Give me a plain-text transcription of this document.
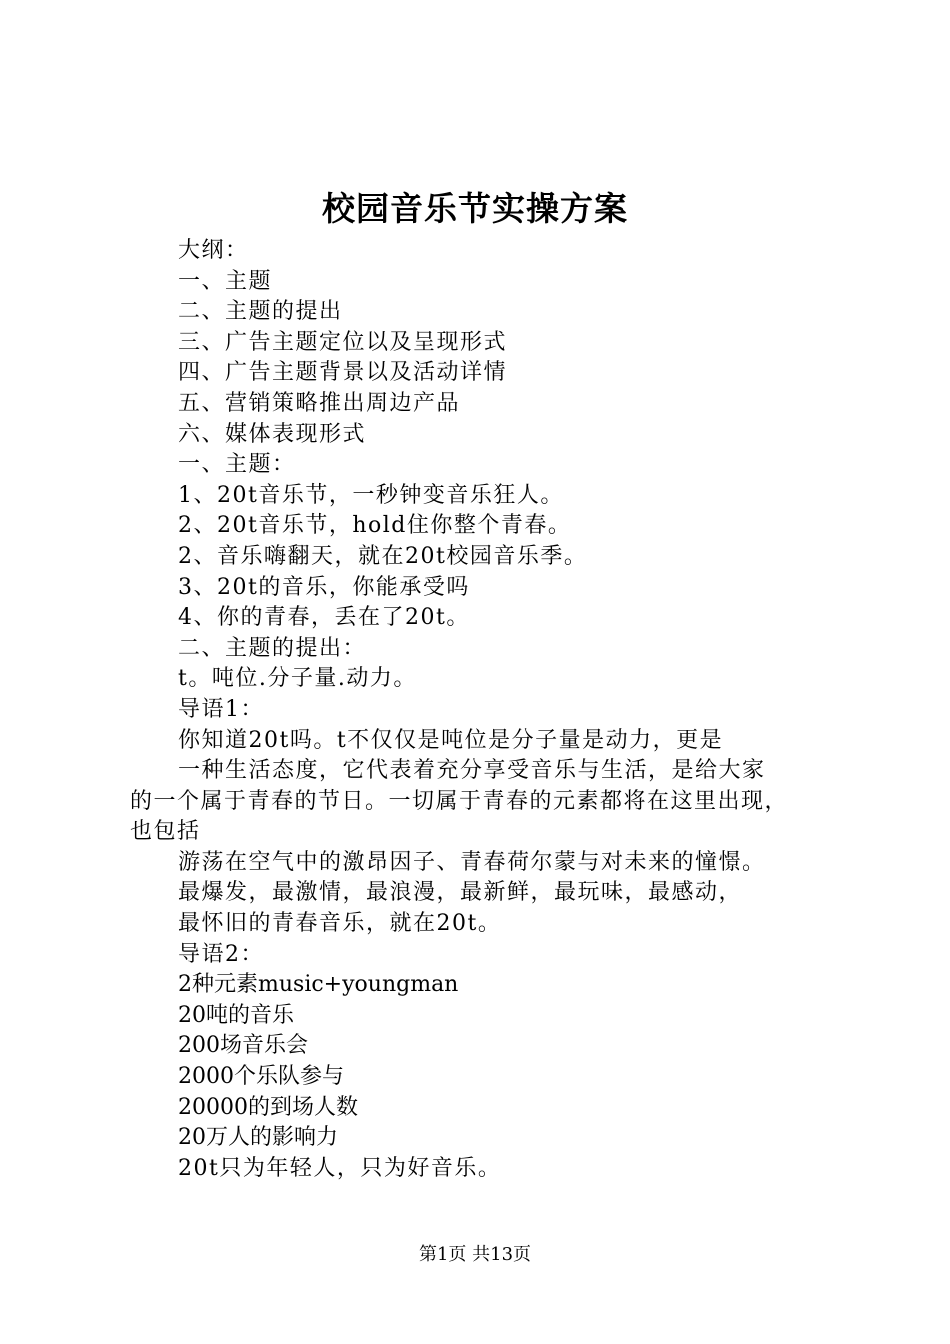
校园音乐节实操方案
大纲：
一、主题
二、主题的提出
三、广告主题定位以及呈现形式
四、广告主题背景以及活动详情
五、营销策略推出周边产品
六、媒体表现形式
一、主题：
1、20t音乐节，一秒钟变音乐狂人。
2、20t音乐节，hold住你整个青春。
2、音乐嗨翻天，就在20t校园音乐季。
3、20t的音乐，你能承受吗
4、你的青春，丢在了20t。
二、主题的提出：
t。吨位.分子量.动力。
导语1：
你知道20t吗。t不仅仅是吨位是分子量是动力，更是
一种生活态度，它代表着充分享受音乐与生活，是给大家
的一个属于青春的节日。一切属于青春的元素都将在这里出现，
也包括
游荡在空气中的激昂因子、青春荷尔蒙与对未来的憧憬。
最爆发，最激情，最浪漫，最新鲜，最玩味，最感动，
最怀旧的青春音乐，就在20t。
导语2：
2种元素music+youngman
20吨的音乐
200场音乐会
2000个乐队参与
20000的到场人数
20万人的影响力
20t只为年轻人，只为好音乐。
第1页 共13页
